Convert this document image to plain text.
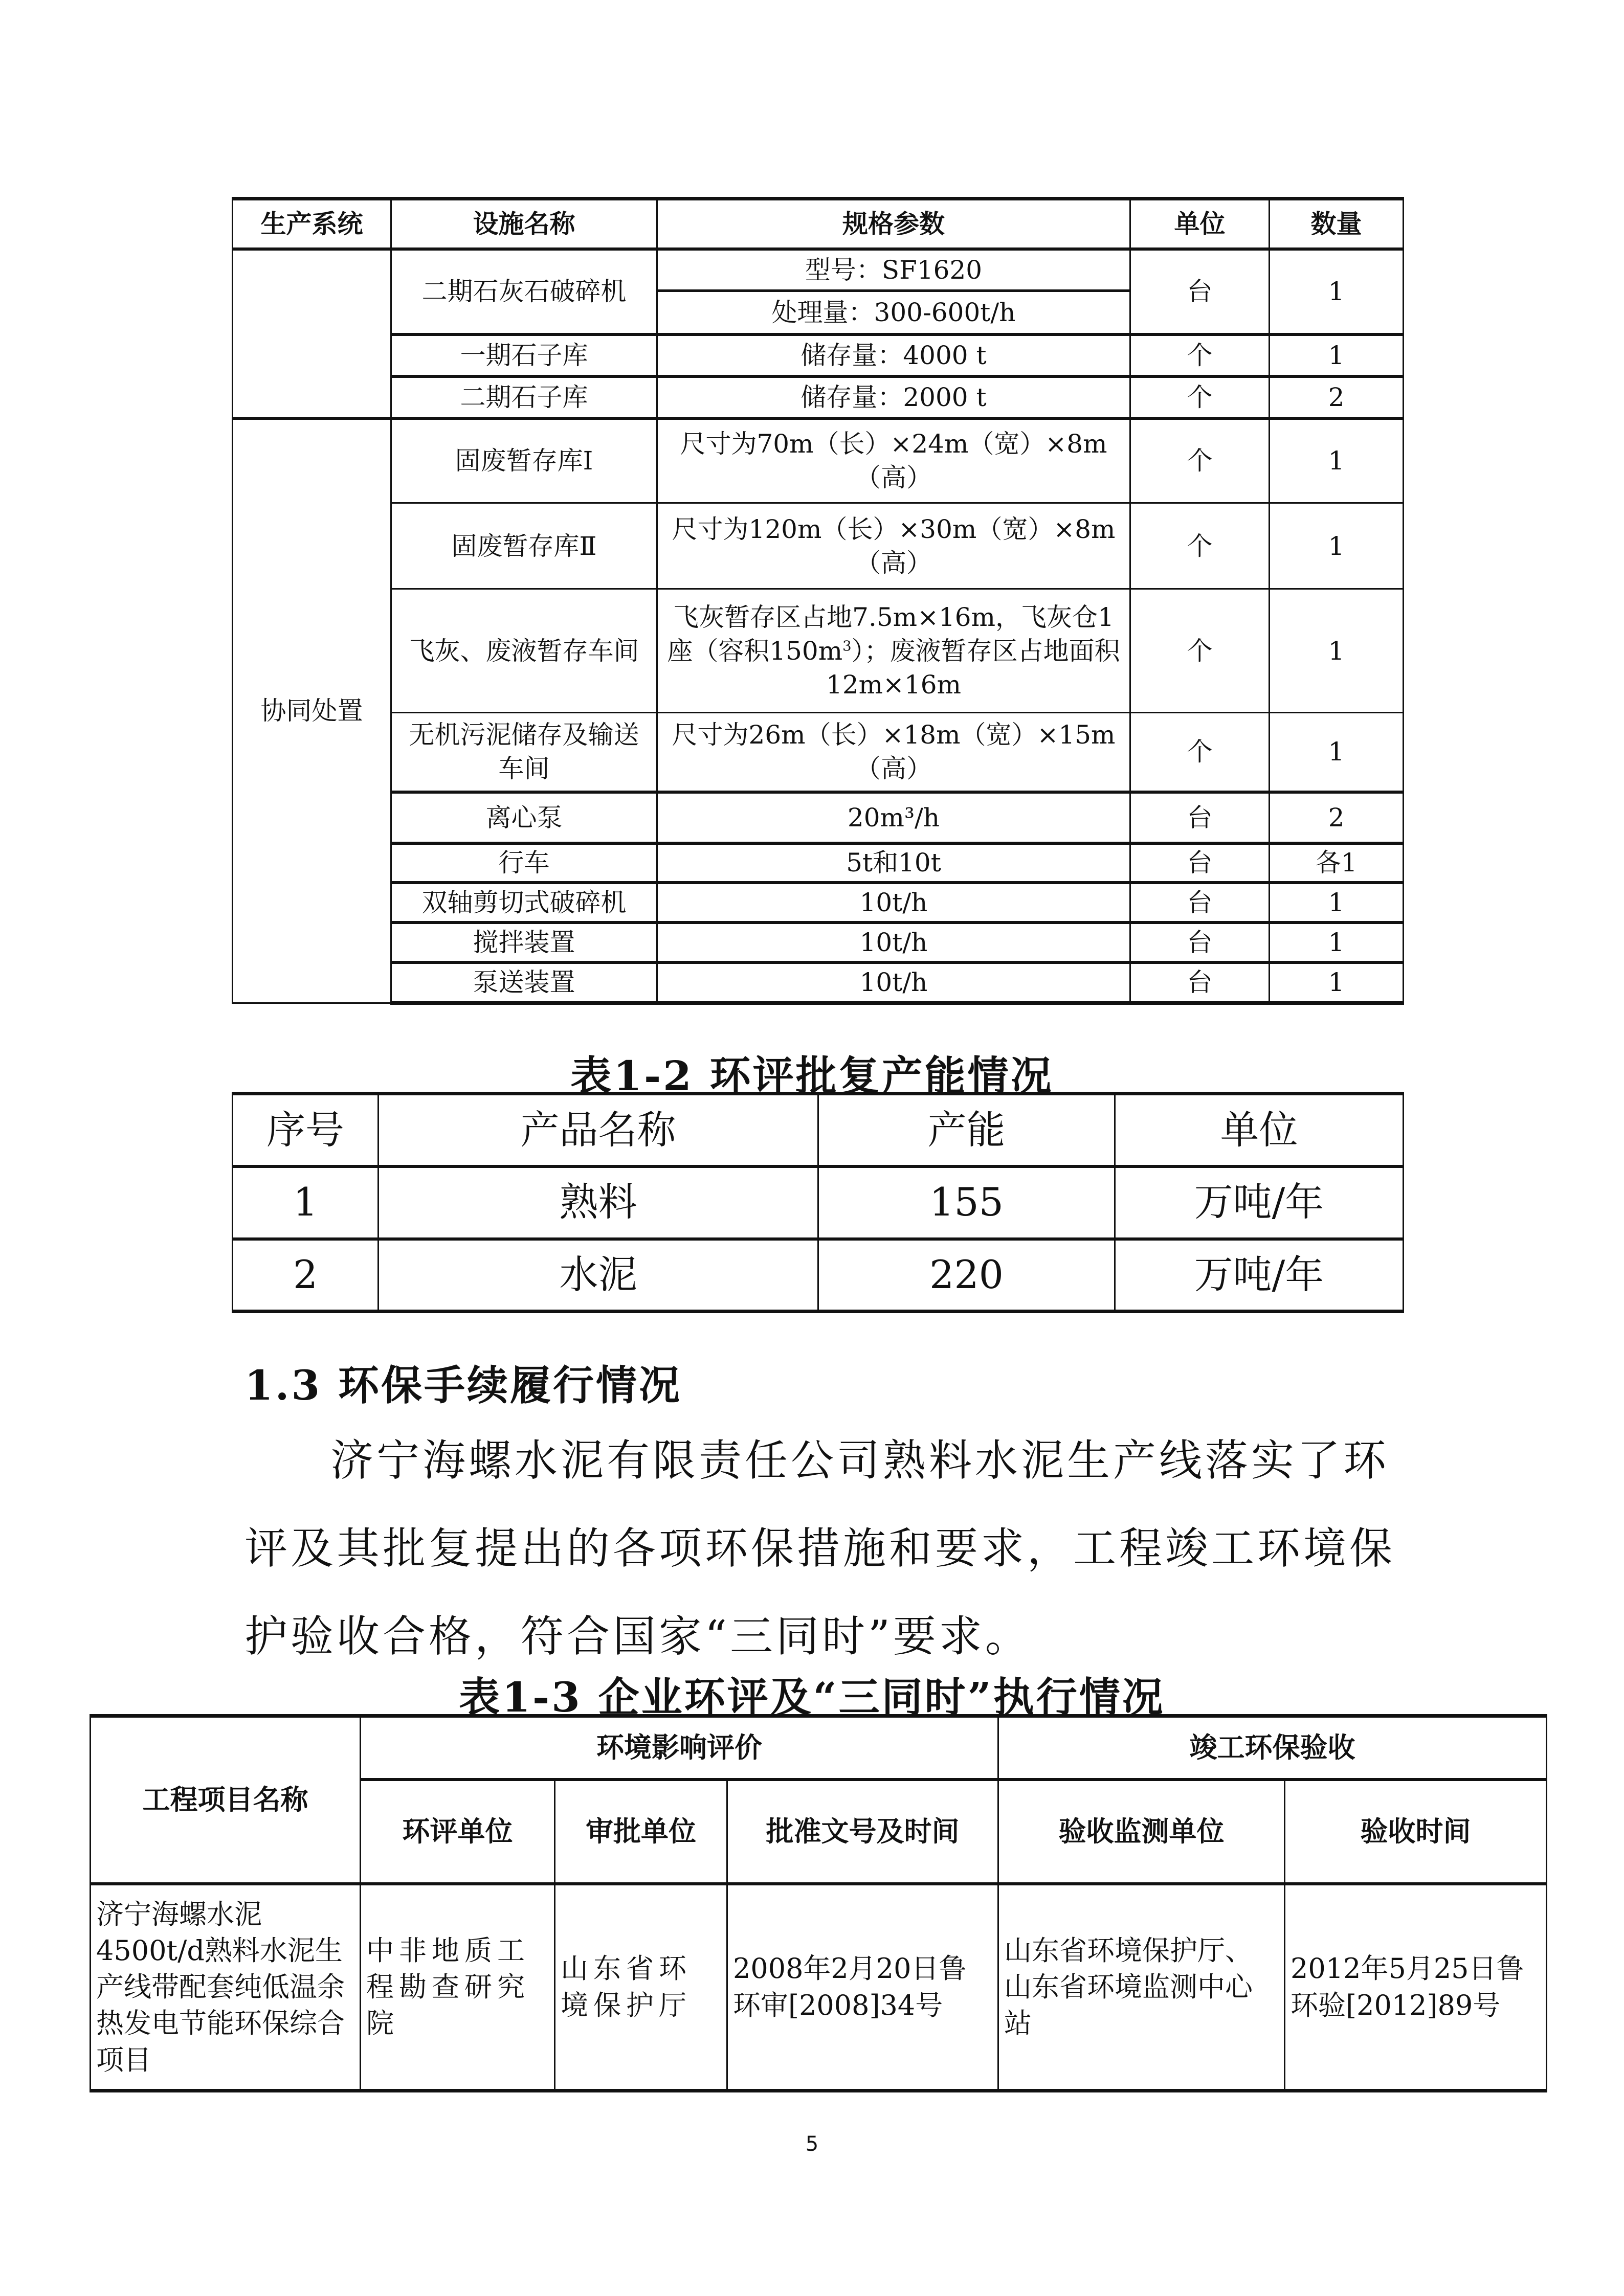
生产系统	设施名称	规格参数	单位	数量
	二期石灰石破碎机	型号：SF1620	台	1
		处理量：300-600t/h		
	一期石子库	储存量：4000 t	个	1
	二期石子库	储存量：2000 t	个	2
协同处置	固废暂存库Ⅰ	尺寸为70m（长）×24m（宽）×8m（高）	个	1
	固废暂存库Ⅱ	尺寸为120m（长）×30m（宽）×8m（高）	个	1
	飞灰、废液暂存车间	飞灰暂存区占地7.5m×16m，飞灰仓1座（容积$150m^3$）；废液暂存区占地面积12m×16m	个	1
	无机污泥储存及输送车间	尺寸为26m（长）×18m（宽）×15m（高）	个	1
	离心泵	20m³/h	台	2
	行车	5t和10t	台	各1
	双轴剪切式破碎机	10t/h	台	1
	搅拌装置	10t/h	台	1
	泵送装置	10t/h	台	1
表1-2 环评批复产能情况
序号	产品名称	产能	单位
1	熟料	155	万吨/年
2	水泥	220	万吨/年
1.3 环保手续履行情况
济宁海螺水泥有限责任公司熟料水泥生产线落实了环评及其批复提出的各项环保措施和要求，工程竣工环境保护验收合格，符合国家“三同时”要求。
表1-3 企业环评及“三同时”执行情况
工程项目名称	环境影响评价			竣工环保验收	
	环评单位	审批单位	批准文号及时间	验收监测单位	验收时间
济宁海螺水泥4500t/d熟料水泥生产线带配套纯低温余热发电节能环保综合项目	中非地质工程勘查研究院	山东省环境保护厅	2008年2月20日鲁环审[2008]34号	山东省环境保护厅、山东省环境监测中心站	2012年5月25日鲁环验[2012]89号
5
